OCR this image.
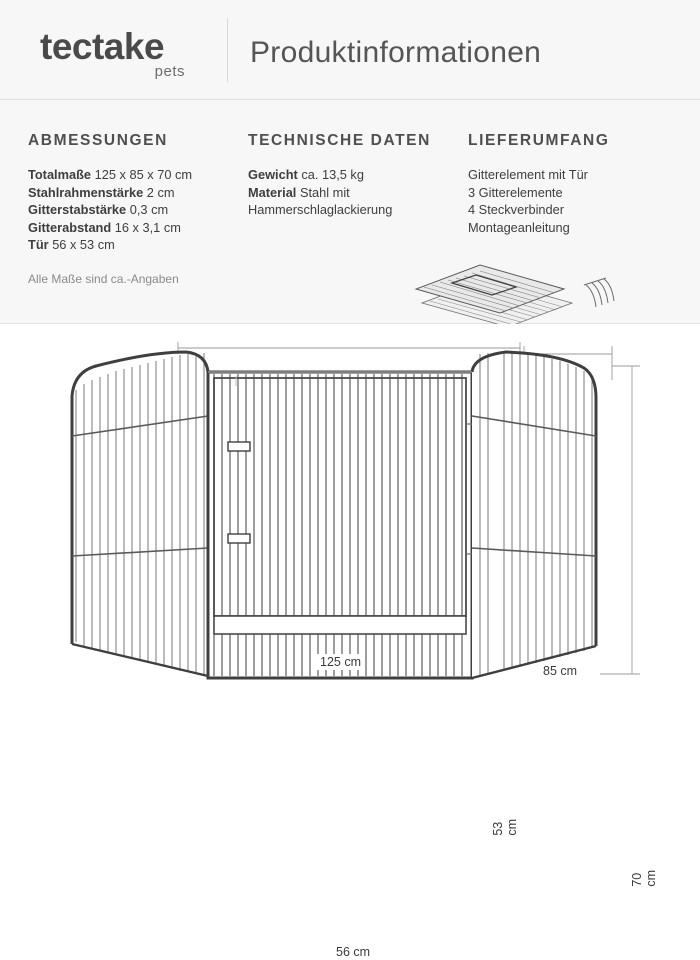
tectake
pets
Produktinformationen
ABMESSUNGEN
Totalmaße 125 x 85 x 70 cm
Stahlrahmenstärke 2 cm
Gitterstabstärke 0,3 cm
Gitterabstand 16 x 3,1 cm
Tür 56 x 53 cm
Alle Maße sind ca.-Angaben
TECHNISCHE DATEN
Gewicht ca. 13,5 kg
Material Stahl mit
Hammerschlaglackierung
LIEFERUMFANG
Gitterelement mit Tür
3 Gitterelemente
4 Steckverbinder
Montageanleitung
125 cm
85 cm
70 cm
53 cm
56 cm
